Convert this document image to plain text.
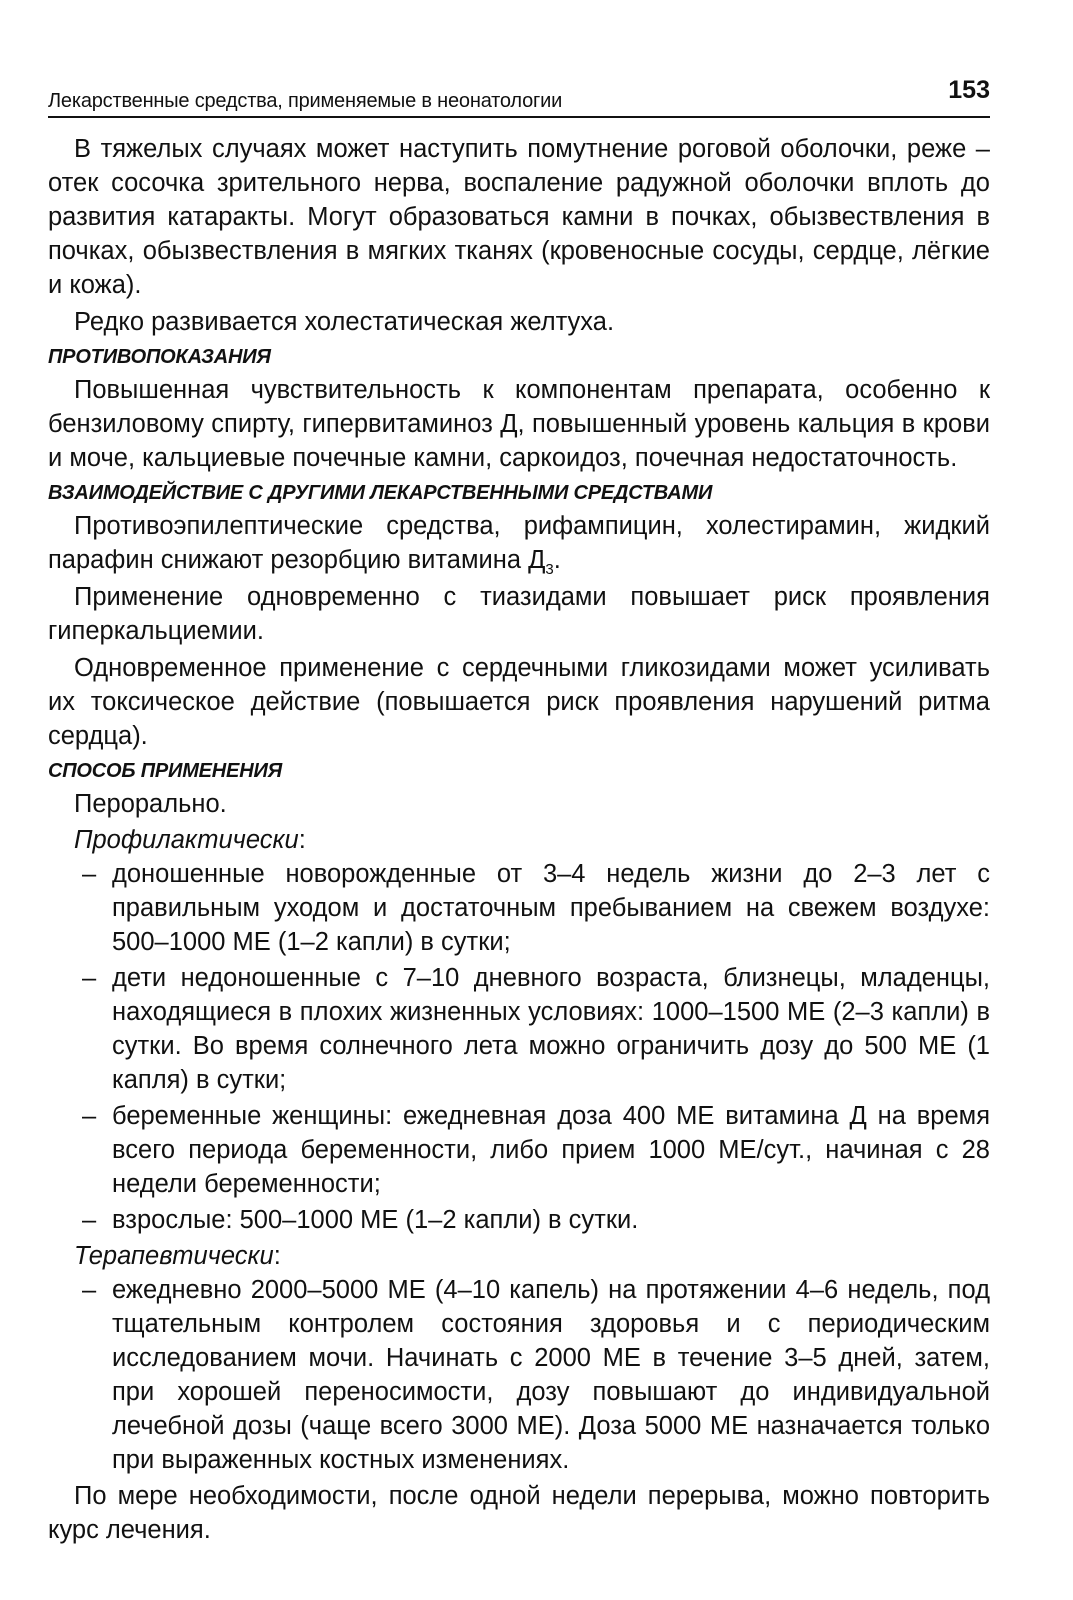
Лекарственные средства, применяемые в неонатологии	153

В тяжелых случаях может наступить помутнение роговой оболочки, реже – отек сосочка зрительного нерва, воспаление радужной оболочки вплоть до развития катаракты. Могут образоваться камни в почках, обызвествления в почках, обызвествления в мягких тканях (кровеносные сосуды, сердце, лёгкие и кожа).

Редко развивается холестатическая желтуха.

ПРОТИВОПОКАЗАНИЯ

Повышенная чувствительность к компонентам препарата, особенно к бензиловому спирту, гипервитаминоз Д, повышенный уровень кальция в крови и моче, кальциевые почечные камни, саркоидоз, почечная недостаточность.

ВЗАИМОДЕЙСТВИЕ С ДРУГИМИ ЛЕКАРСТВЕННЫМИ СРЕДСТВАМИ

Противоэпилептические средства, рифампицин, холестирамин, жидкий парафин снижают резорбцию витамина $Д_3$.

Применение одновременно с тиазидами повышает риск проявления гиперкальциемии.

Одновременное применение с сердечными гликозидами может усиливать их токсическое действие (повышается риск проявления нарушений ритма сердца).

СПОСОБ ПРИМЕНЕНИЯ

Перорально.

Профилактически:

– доношенные новорожденные от 3–4 недель жизни до 2–3 лет с правильным уходом и достаточным пребыванием на свежем воздухе: 500–1000 МЕ (1–2 капли) в сутки;
– дети недоношенные с 7–10 дневного возраста, близнецы, младенцы, находящиеся в плохих жизненных условиях: 1000–1500 МЕ (2–3 капли) в сутки. Во время солнечного лета можно ограничить дозу до 500 МЕ (1 капля) в сутки;
– беременные женщины: ежедневная доза 400 МЕ витамина Д на время всего периода беременности, либо прием 1000 МЕ/сут., начиная с 28 недели беременности;
– взрослые: 500–1000 МЕ (1–2 капли) в сутки.

Терапевтически:

– ежедневно 2000–5000 МЕ (4–10 капель) на протяжении 4–6 недель, под тщательным контролем состояния здоровья и с периодическим исследованием мочи. Начинать с 2000 МЕ в течение 3–5 дней, затем, при хорошей переносимости, дозу повышают до индивидуальной лечебной дозы (чаще всего 3000 МЕ). Доза 5000 МЕ назначается только при выраженных костных изменениях.

По мере необходимости, после одной недели перерыва, можно повторить курс лечения.
